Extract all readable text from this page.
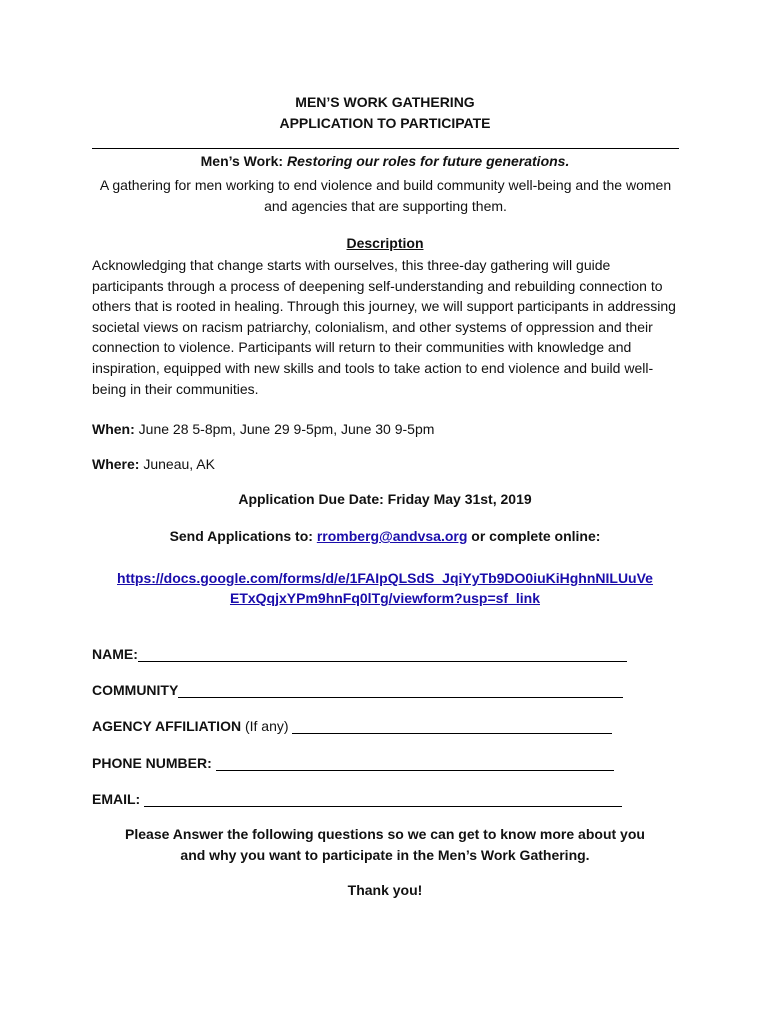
MEN’S WORK GATHERING
APPLICATION TO PARTICIPATE
Men’s Work: Restoring our roles for future generations.
A gathering for men working to end violence and build community well-being and the women and agencies that are supporting them.
Description
Acknowledging that change starts with ourselves, this three-day gathering will guide participants through a process of deepening self-understanding and rebuilding connection to others that is rooted in healing. Through this journey, we will support participants in addressing societal views on racism patriarchy, colonialism, and other systems of oppression and their connection to violence. Participants will return to their communities with knowledge and inspiration, equipped with new skills and tools to take action to end violence and build well-being in their communities.
When: June 28 5-8pm, June 29 9-5pm, June 30 9-5pm
Where: Juneau, AK
Application Due Date: Friday May 31st, 2019
Send Applications to: rromberg@andvsa.org or complete online:
https://docs.google.com/forms/d/e/1FAIpQLSdS_JqiYyTb9DO0iuKiHghnNILUuVe
ETxQqjxYPm9hnFq0lTg/viewform?usp=sf_link
NAME:
COMMUNITY
AGENCY AFFILIATION (If any)
PHONE NUMBER:
EMAIL:
Please Answer the following questions so we can get to know more about you
and why you want to participate in the Men’s Work Gathering.
Thank you!
